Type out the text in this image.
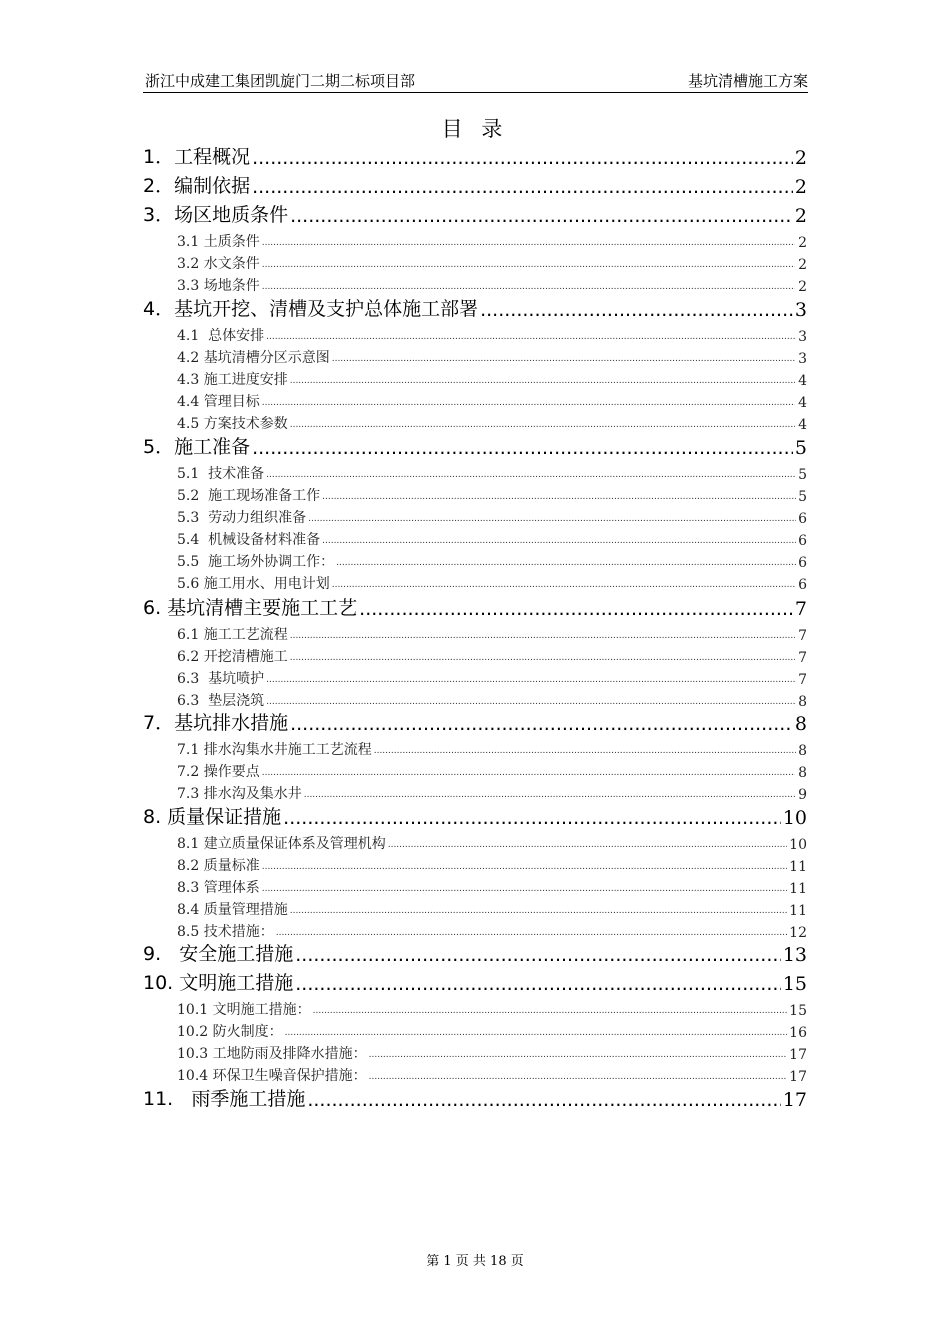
浙江中成建工集团凯旋门二期二标项目部	基坑清槽施工方案
目 录
1．工程概况 .....	2
2．编制依据 .....	2
3．场区地质条件 .....	2
3.1 土质条件 .....	2
3.2 水文条件 .....	2
3.3 场地条件 .....	2
4．基坑开挖、清槽及支护总体施工部署 .....	3
4.1  总体安排 .....	3
4.2 基坑清槽分区示意图 .....	3
4.3 施工进度安排 .....	4
4.4 管理目标 .....	4
4.5 方案技术参数 .....	4
5．施工准备 .....	5
5.1  技术准备 .....	5
5.2  施工现场准备工作 .....	5
5.3  劳动力组织准备 .....	6
5.4  机械设备材料准备 .....	6
5.5  施工场外协调工作： .....	6
5.6 施工用水、用电计划 .....	6
6. 基坑清槽主要施工工艺 .....	7
6.1 施工工艺流程 .....	7
6.2 开挖清槽施工 .....	7
6.3  基坑喷护 .....	7
6.3  垫层浇筑 .....	8
7．基坑排水措施 .....	8
7.1 排水沟集水井施工工艺流程 .....	8
7.2 操作要点 .....	8
7.3 排水沟及集水井 .....	9
8. 质量保证措施 .....	10
8.1 建立质量保证体系及管理机构 .....	10
8.2 质量标准 .....	11
8.3 管理体系 .....	11
8.4 质量管理措施 .....	11
8.5 技术措施： .....	12
9.   安全施工措施 .....	13
10. 文明施工措施 .....	15
10.1 文明施工措施： .....	15
10.2 防火制度： .....	16
10.3 工地防雨及排降水措施： .....	17
10.4 环保卫生噪音保护措施： .....	17
11.   雨季施工措施 .....	17
第 1 页 共 18 页
